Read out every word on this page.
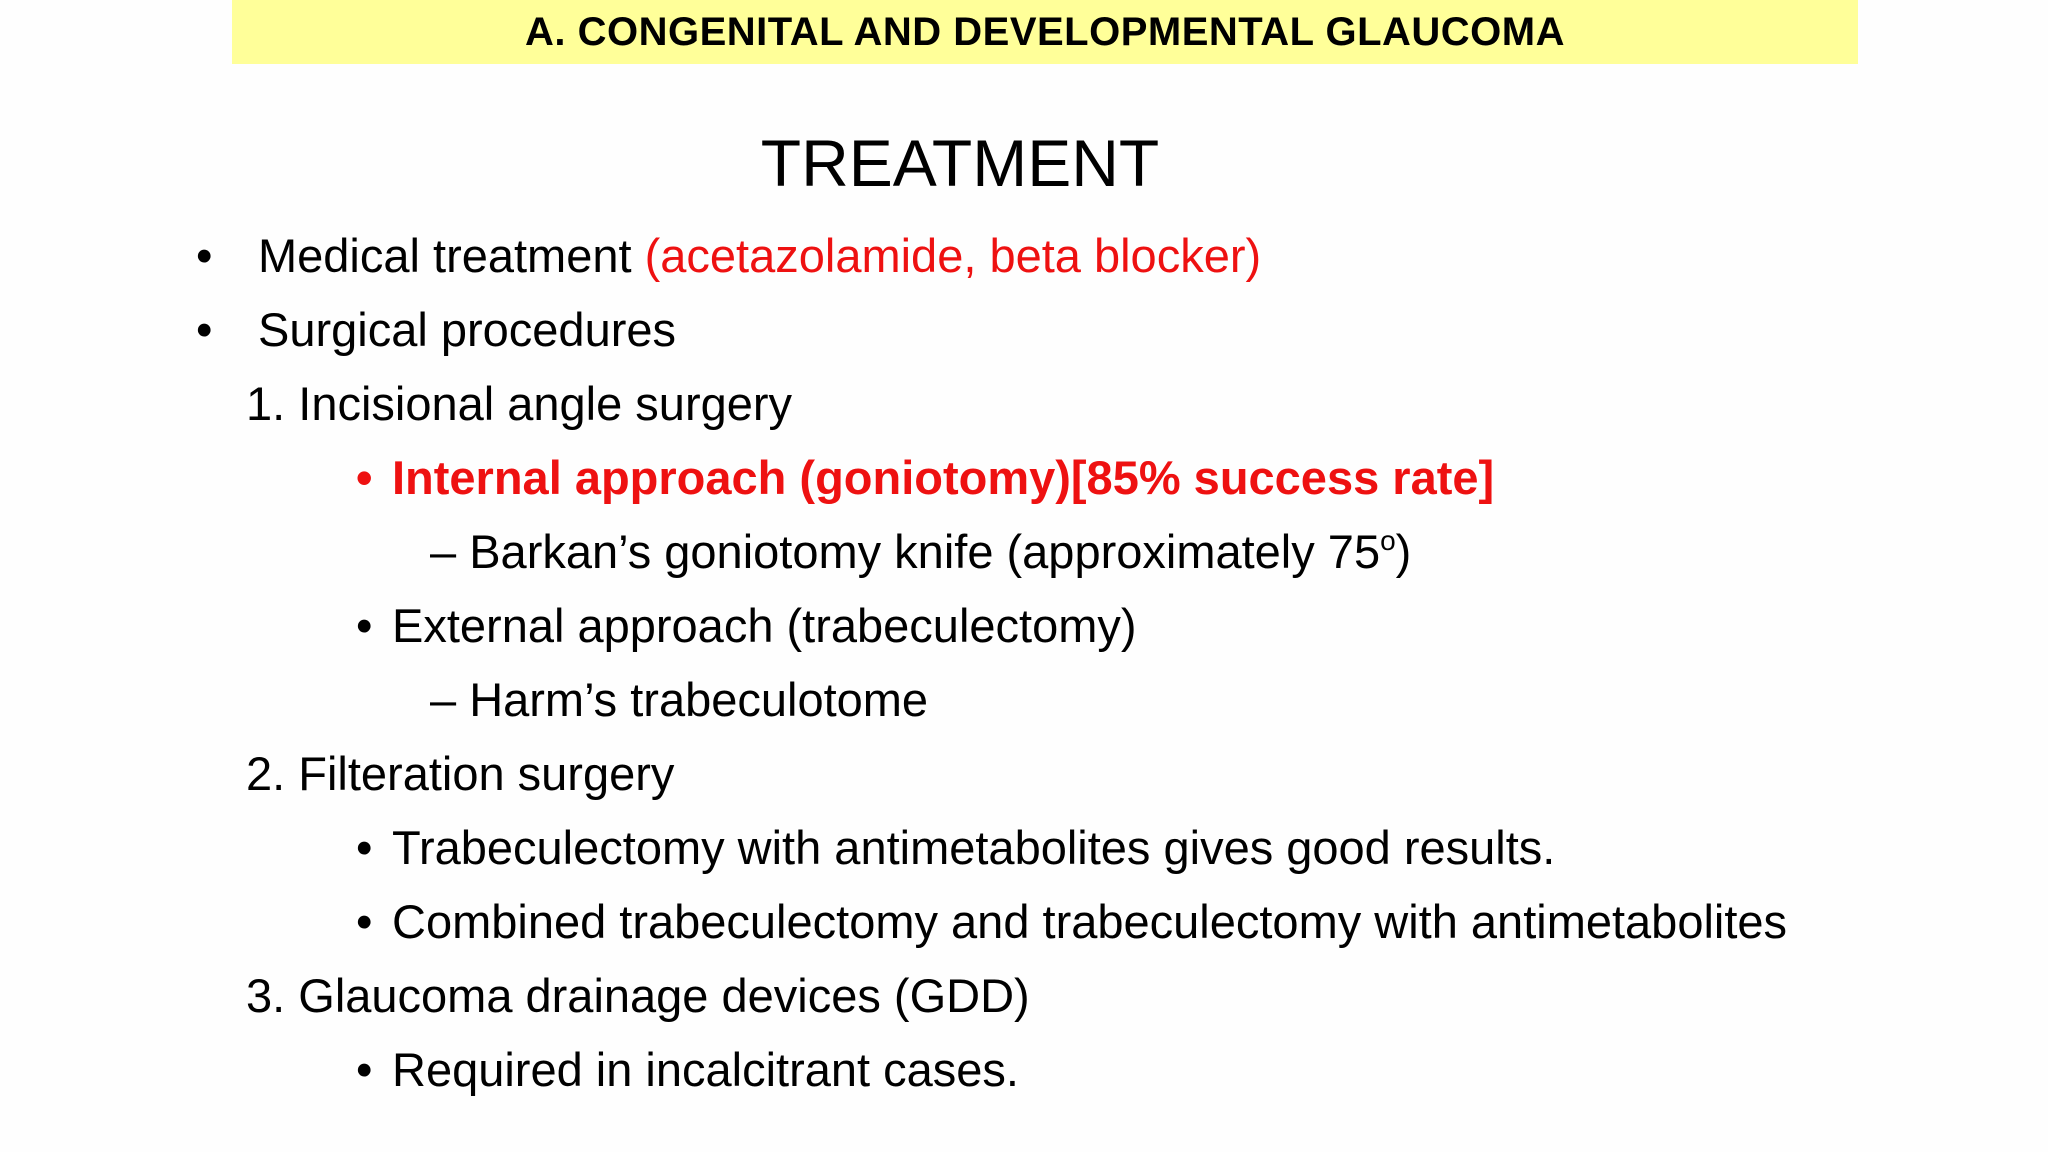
A. CONGENITAL AND DEVELOPMENTAL GLAUCOMA
TREATMENT
• Medical treatment (acetazolamide, beta blocker)
• Surgical procedures
1. Incisional angle surgery
• Internal approach (goniotomy)[85% success rate]
– Barkan’s goniotomy knife (approximately 75$^o$)
• External approach (trabeculectomy)
– Harm’s trabeculotome
2. Filteration surgery
• Trabeculectomy with antimetabolites gives good results.
• Combined trabeculectomy and trabeculectomy with antimetabolites
3. Glaucoma drainage devices (GDD)
• Required in incalcitrant cases.
